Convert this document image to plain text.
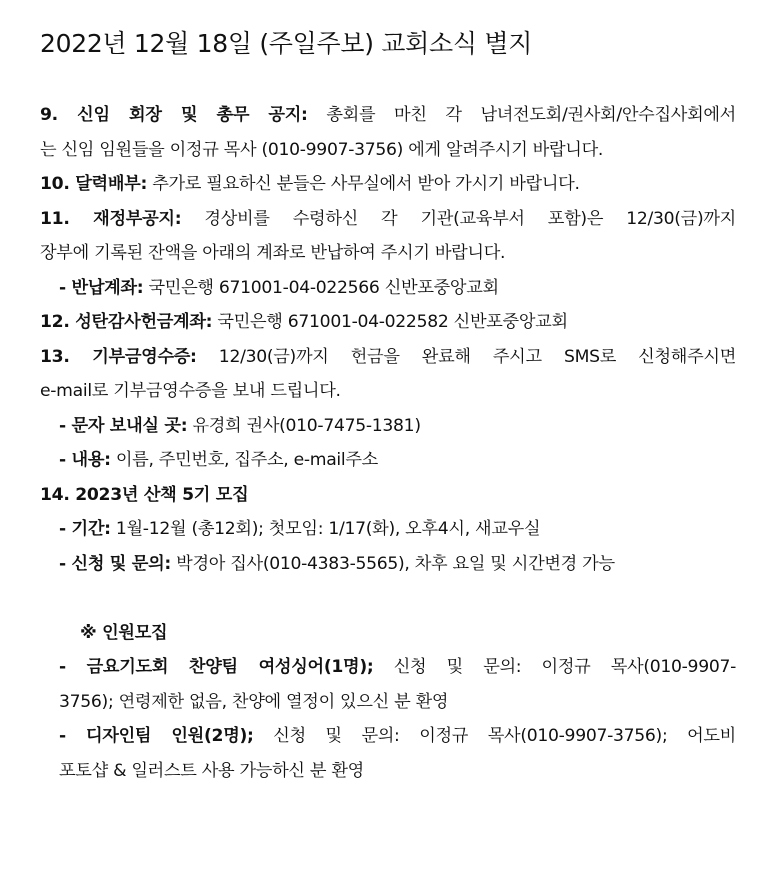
2022년 12월 18일 (주일주보) 교회소식 별지
9. 신임 회장 및 총무 공지: 총회를 마친 각 남녀전도회/권사회/안수집사회에서
는 신임 임원들을 이정규 목사 (010-9907-3756) 에게 알려주시기 바랍니다.
10. 달력배부: 추가로 필요하신 분들은 사무실에서 받아 가시기 바랍니다.
11. 재정부공지: 경상비를 수령하신 각 기관(교육부서 포함)은 12/30(금)까지
장부에 기록된 잔액을 아래의 계좌로 반납하여 주시기 바랍니다.
- 반납계좌: 국민은행 671001-04-022566 신반포중앙교회
12. 성탄감사헌금계좌: 국민은행 671001-04-022582 신반포중앙교회
13. 기부금영수증: 12/30(금)까지 헌금을 완료해 주시고 SMS로 신청해주시면
e-mail로 기부금영수증을 보내 드립니다.
- 문자 보내실 곳: 유경희 권사(010-7475-1381)
- 내용: 이름, 주민번호, 집주소, e-mail주소
14. 2023년 산책 5기 모집
- 기간: 1월-12월 (총12회); 첫모임: 1/17(화), 오후4시, 새교우실
- 신청 및 문의: 박경아 집사(010-4383-5565), 차후 요일 및 시간변경 가능
※ 인원모집
- 금요기도회 찬양팀 여성싱어(1명); 신청 및 문의: 이정규 목사(010-9907-
3756); 연령제한 없음, 찬양에 열정이 있으신 분 환영
- 디자인팀 인원(2명); 신청 및 문의: 이정규 목사(010-9907-3756); 어도비
포토샵 & 일러스트 사용 가능하신 분 환영
